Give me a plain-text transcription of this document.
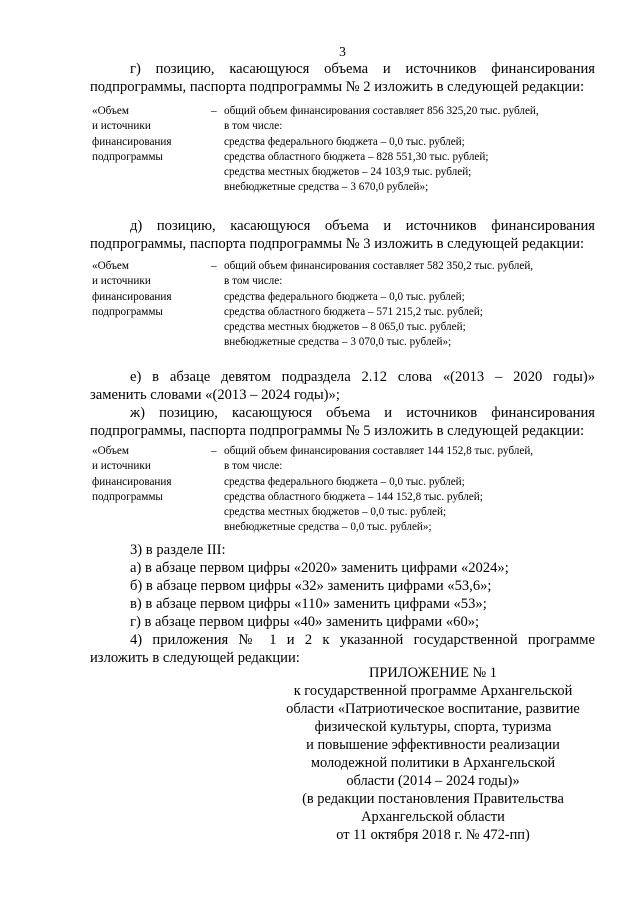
3
г) позицию, касающуюся объема и источников финансирования
подпрограммы, паспорта подпрограммы № 2 изложить в следующей редакции:
«Объем
и источники
финансирования
подпрограммы
– общий объем финансирования составляет 856 325,20 тыс. рублей,
в том числе:
средства федерального бюджета – 0,0 тыс. рублей;
средства областного бюджета – 828 551,30 тыс. рублей;
средства местных бюджетов – 24 103,9 тыс. рублей;
внебюджетные средства – 3 670,0 рублей»;
д) позицию, касающуюся объема и источников финансирования
подпрограммы, паспорта подпрограммы № 3 изложить в следующей редакции:
«Объем
и источники
финансирования
подпрограммы
– общий объем финансирования составляет 582 350,2 тыс. рублей,
в том числе:
средства федерального бюджета – 0,0 тыс. рублей;
средства областного бюджета – 571 215,2 тыс. рублей;
средства местных бюджетов – 8 065,0 тыс. рублей;
внебюджетные средства – 3 070,0 тыс. рублей»;
е) в абзаце девятом подраздела 2.12 слова «(2013 – 2020 годы)»
заменить словами «(2013 – 2024 годы)»;
ж) позицию, касающуюся объема и источников финансирования
подпрограммы, паспорта подпрограммы № 5 изложить в следующей редакции:
«Объем
и источники
финансирования
подпрограммы
– общий объем финансирования составляет 144 152,8 тыс. рублей,
в том числе:
средства федерального бюджета – 0,0 тыс. рублей;
средства областного бюджета – 144 152,8 тыс. рублей;
средства местных бюджетов – 0,0 тыс. рублей;
внебюджетные средства – 0,0 тыс. рублей»;
3) в разделе III:
а) в абзаце первом цифры «2020» заменить цифрами «2024»;
б) в абзаце первом цифры «32» заменить цифрами «53,6»;
в) в абзаце первом цифры «110» заменить цифрами «53»;
г) в абзаце первом цифры «40» заменить цифрами «60»;
4) приложения № 1 и 2 к указанной государственной программе
изложить в следующей редакции:
ПРИЛОЖЕНИЕ № 1
к государственной программе Архангельской
области «Патриотическое воспитание, развитие
физической культуры, спорта, туризма
и повышение эффективности реализации
молодежной политики в Архангельской
области (2014 – 2024 годы)»
(в редакции постановления Правительства
Архангельской области
от 11 октября 2018 г. № 472-пп)
